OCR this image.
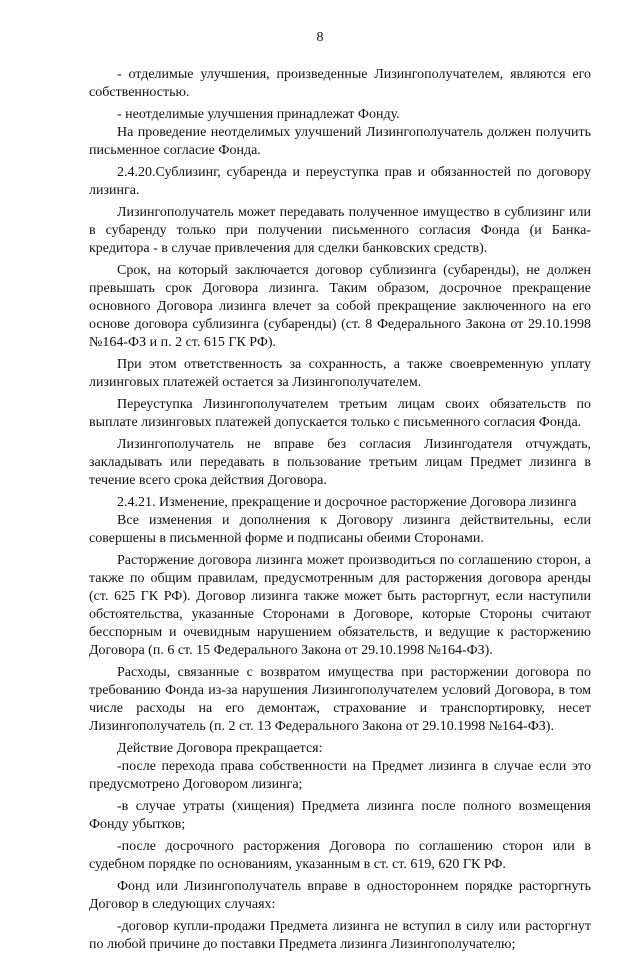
8

- отделимые улучшения, произведенные Лизингополучателем, являются его собственностью.

- неотделимые улучшения принадлежат Фонду.

На проведение неотделимых улучшений Лизингополучатель должен получить письменное согласие Фонда.

2.4.20.Сублизинг, субаренда и переуступка прав и обязанностей по договору лизинга.

Лизингополучатель может передавать полученное имущество в сублизинг или в субаренду только при получении письменного согласия Фонда (и Банка-кредитора - в случае привлечения для сделки банковских средств).

Срок, на который заключается договор сублизинга (субаренды), не должен превышать срок Договора лизинга. Таким образом, досрочное прекращение основного Договора лизинга влечет за собой прекращение заключенного на его основе договора сублизинга (субаренды) (ст. 8 Федерального Закона от 29.10.1998 №164-ФЗ и п. 2 ст. 615 ГК РФ).

При этом ответственность за сохранность, а также своевременную уплату лизинговых платежей остается за Лизингополучателем.

Переуступка Лизингополучателем третьим лицам своих обязательств по выплате лизинговых платежей допускается только с письменного согласия Фонда.

Лизингополучатель не вправе без согласия Лизингодателя отчуждать, закладывать или передавать в пользование третьим лицам Предмет лизинга в течение всего срока действия Договора.

2.4.21. Изменение, прекращение и досрочное расторжение Договора лизинга

Все изменения и дополнения к Договору лизинга действительны, если совершены в письменной форме и подписаны обеими Сторонами.

Расторжение договора лизинга может производиться по соглашению сторон, а также по общим правилам, предусмотренным для расторжения договора аренды (ст. 625 ГК РФ). Договор лизинга также может быть расторгнут, если наступили обстоятельства, указанные Сторонами в Договоре, которые Стороны считают бесспорным и очевидным нарушением обязательств, и ведущие к расторжению Договора (п. 6 ст. 15 Федерального Закона от 29.10.1998 №164-ФЗ).

Расходы, связанные с возвратом имущества при расторжении договора по требованию Фонда из-за нарушения Лизингополучателем условий Договора, в том числе расходы на его демонтаж, страхование и транспортировку, несет Лизингополучатель (п. 2 ст. 13 Федерального Закона от 29.10.1998 №164-ФЗ).

Действие Договора прекращается:

-после перехода права собственности на Предмет лизинга в случае если это предусмотрено Договором лизинга;

-в случае утраты (хищения) Предмета лизинга после полного возмещения Фонду убытков;

-после досрочного расторжения Договора по соглашению сторон или в судебном порядке по основаниям, указанным в ст. ст. 619, 620 ГК РФ.

Фонд или Лизингополучатель вправе в одностороннем порядке расторгнуть Договор в следующих случаях:

-договор купли-продажи Предмета лизинга не вступил в силу или расторгнут по любой причине до поставки Предмета лизинга Лизингополучателю;
